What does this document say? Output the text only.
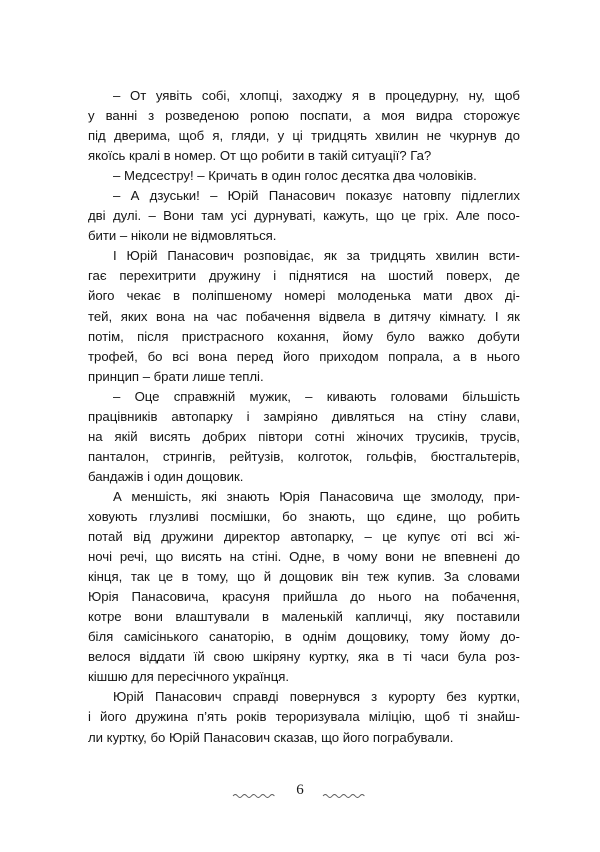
– От уявіть собі, хлопці, заходжу я в процедурну, ну, щоб
у ванні з розведеною ропою поспати, а моя видра сторожує
під дверима, щоб я, гляди, у ці тридцять хвилин не чкурнув до
якоїсь кралі в номер. От що робити в такій ситуації? Га?

– Медсестру! – Кричать в один голос десятка два чоловіків.

– А дзуськи! – Юрій Панасович показує натовпу підлеглих
дві дулі. – Вони там усі дурнуваті, кажуть, що це гріх. Але посо-
бити – ніколи не відмовляться.

І Юрій Панасович розповідає, як за тридцять хвилин всти-
гає перехитрити дружину і піднятися на шостий поверх, де
його чекає в поліпшеному номері молоденька мати двох ді-
тей, яких вона на час побачення відвела в дитячу кімнату. І як
потім, після пристрасного кохання, йому було важко добути
трофей, бо всі вона перед його приходом попрала, а в нього
принцип – брати лише теплі.

– Оце справжній мужик, – кивають головами більшість
працівників автопарку і замріяно дивляться на стіну слави,
на якій висять добрих півтори сотні жіночих трусиків, трусів,
панталон, стрингів, рейтузів, колготок, гольфів, бюстгальтерів,
бандажів і один дощовик.

А меншість, які знають Юрія Панасовича ще змолоду, при-
ховують глузливі посмішки, бо знають, що єдине, що робить
потай від дружини директор автопарку, – це купує оті всі жі-
ночі речі, що висять на стіні. Одне, в чому вони не впевнені до
кінця, так це в тому, що й дощовик він теж купив. За словами
Юрія Панасовича, красуня прийшла до нього на побачення,
котре вони влаштували в маленькій капличці, яку поставили
біля самісінького санаторію, в однім дощовику, тому йому до-
велося віддати їй свою шкіряну куртку, яка в ті часи була роз-
кішшю для пересічного українця.

Юрій Панасович справді повернувся з курорту без куртки,
і його дружина п’ять років тероризувала міліцію, щоб ті знайш-
ли куртку, бо Юрій Панасович сказав, що його пограбували.

6
